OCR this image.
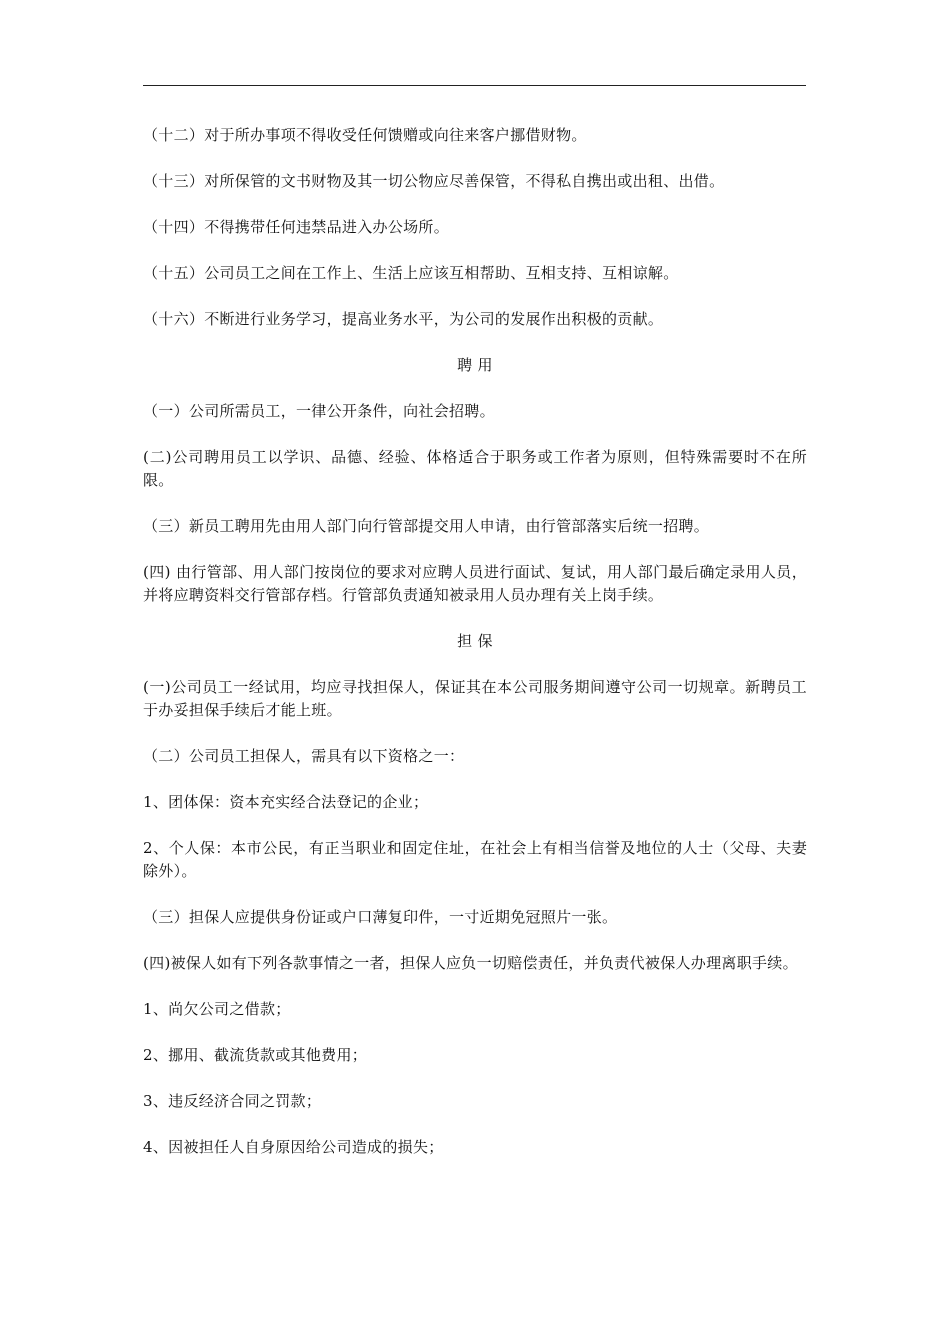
（十二）对于所办事项不得收受任何馈赠或向往来客户挪借财物。

（十三）对所保管的文书财物及其一切公物应尽善保管，不得私自携出或出租、出借。

（十四）不得携带任何违禁品进入办公场所。

（十五）公司员工之间在工作上、生活上应该互相帮助、互相支持、互相谅解。

（十六）不断进行业务学习，提高业务水平，为公司的发展作出积极的贡献。

聘 用

（一）公司所需员工，一律公开条件，向社会招聘。

(二)公司聘用员工以学识、品德、经验、体格适合于职务或工作者为原则，但特殊需要时不在所限。

（三）新员工聘用先由用人部门向行管部提交用人申请，由行管部落实后统一招聘。

(四) 由行管部、用人部门按岗位的要求对应聘人员进行面试、复试，用人部门最后确定录用人员，并将应聘资料交行管部存档。行管部负责通知被录用人员办理有关上岗手续。

担 保

(一)公司员工一经试用，均应寻找担保人，保证其在本公司服务期间遵守公司一切规章。新聘员工于办妥担保手续后才能上班。

（二）公司员工担保人，需具有以下资格之一：

1、团体保：资本充实经合法登记的企业；

2、个人保：本市公民，有正当职业和固定住址，在社会上有相当信誉及地位的人士（父母、夫妻除外）。

（三）担保人应提供身份证或户口薄复印件，一寸近期免冠照片一张。

(四)被保人如有下列各款事情之一者，担保人应负一切赔偿责任，并负责代被保人办理离职手续。

1、尚欠公司之借款；

2、挪用、截流货款或其他费用；

3、违反经济合同之罚款；

4、因被担任人自身原因给公司造成的损失；
